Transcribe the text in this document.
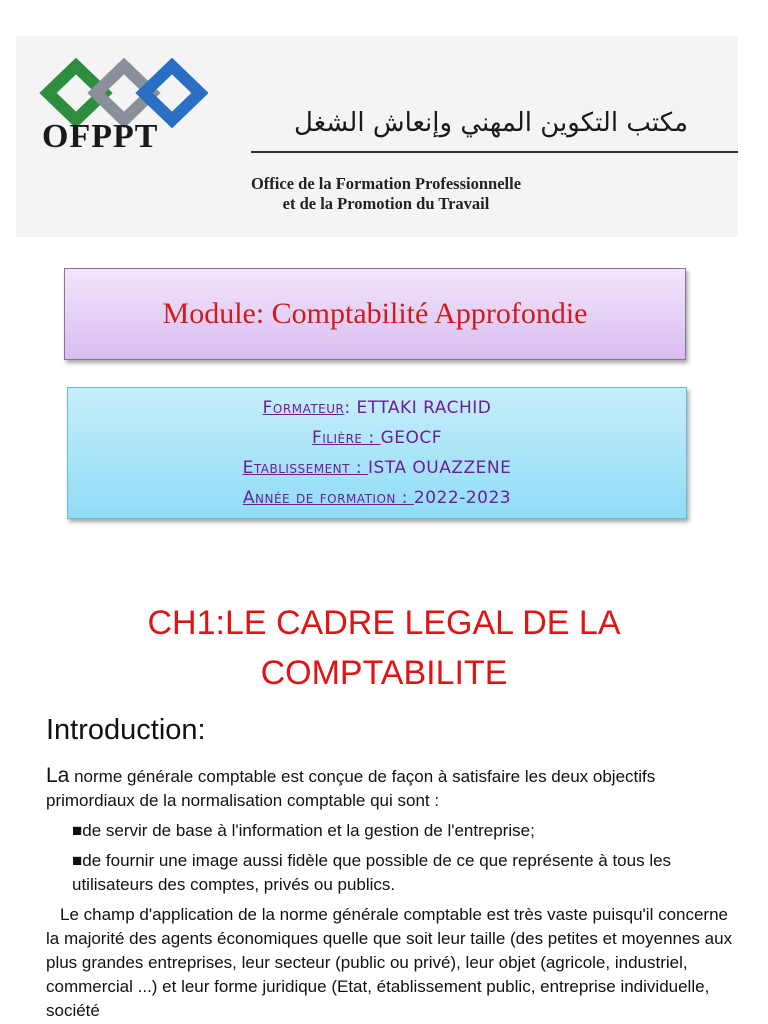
OFPPT	مكتب التكوين المهني وإنعاش الشغل
Office de la Formation Professionnelle
et de la Promotion du Travail
Module: Comptabilité Approfondie
Formateur: ETTAKI RACHID
Filière : GEOCF
Etablissement : ISTA OUAZZENE
Année de formation : 2022-2023
CH1:LE CADRE LEGAL DE LA
COMPTABILITE
Introduction:

La norme générale comptable est conçue de façon à satisfaire les deux objectifs primordiaux de la normalisation comptable qui sont :

■de servir de base à l'information et la gestion de l'entreprise;

■de fournir une image aussi fidèle que possible de ce que représente à tous les utilisateurs des comptes, privés ou publics.

Le champ d'application de la norme générale comptable est très vaste puisqu'il concerne la majorité des agents économiques quelle que soit leur taille (des petites et moyennes aux plus grandes entreprises, leur secteur (public ou privé), leur objet (agricole, industriel, commercial ...) et leur forme juridique (Etat, établissement public, entreprise individuelle, société
